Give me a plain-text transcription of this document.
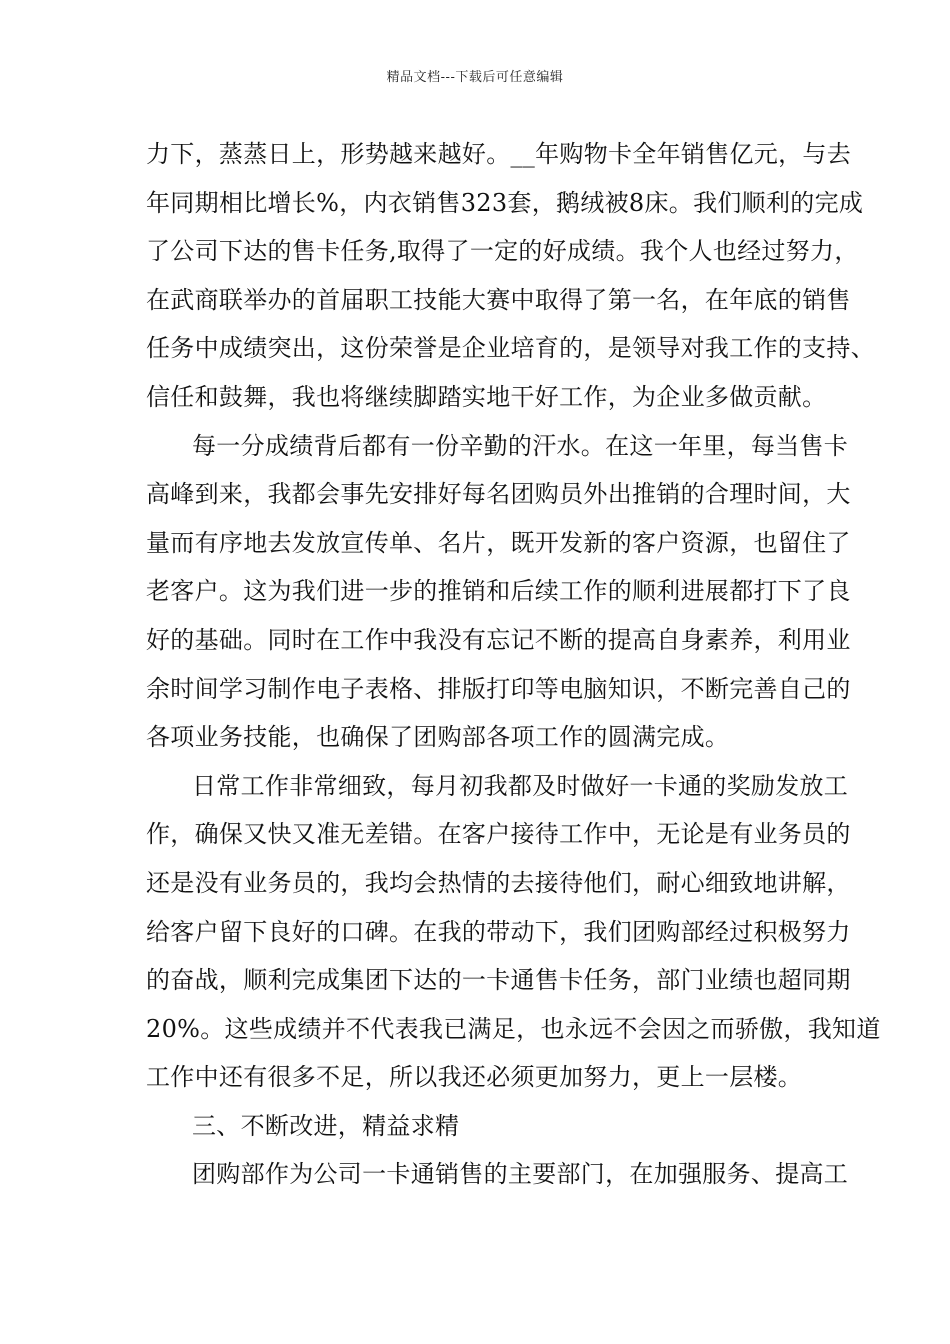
精品文档---下载后可任意编辑
力下，蒸蒸日上，形势越来越好。__年购物卡全年销售亿元，与去
年同期相比增长%，内衣销售323套，鹅绒被8床。我们顺利的完成
了公司下达的售卡任务,取得了一定的好成绩。我个人也经过努力，
在武商联举办的首届职工技能大赛中取得了第一名，在年底的销售
任务中成绩突出，这份荣誉是企业培育的，是领导对我工作的支持、
信任和鼓舞，我也将继续脚踏实地干好工作，为企业多做贡献。
每一分成绩背后都有一份辛勤的汗水。在这一年里，每当售卡
高峰到来，我都会事先安排好每名团购员外出推销的合理时间，大
量而有序地去发放宣传单、名片，既开发新的客户资源，也留住了
老客户。这为我们进一步的推销和后续工作的顺利进展都打下了良
好的基础。同时在工作中我没有忘记不断的提高自身素养，利用业
余时间学习制作电子表格、排版打印等电脑知识，不断完善自己的
各项业务技能，也确保了团购部各项工作的圆满完成。
日常工作非常细致，每月初我都及时做好一卡通的奖励发放工
作，确保又快又准无差错。在客户接待工作中，无论是有业务员的
还是没有业务员的，我均会热情的去接待他们，耐心细致地讲解，
给客户留下良好的口碑。在我的带动下，我们团购部经过积极努力
的奋战，顺利完成集团下达的一卡通售卡任务，部门业绩也超同期
20%。这些成绩并不代表我已满足，也永远不会因之而骄傲，我知道
工作中还有很多不足，所以我还必须更加努力，更上一层楼。
三、不断改进，精益求精
团购部作为公司一卡通销售的主要部门，在加强服务、提高工
